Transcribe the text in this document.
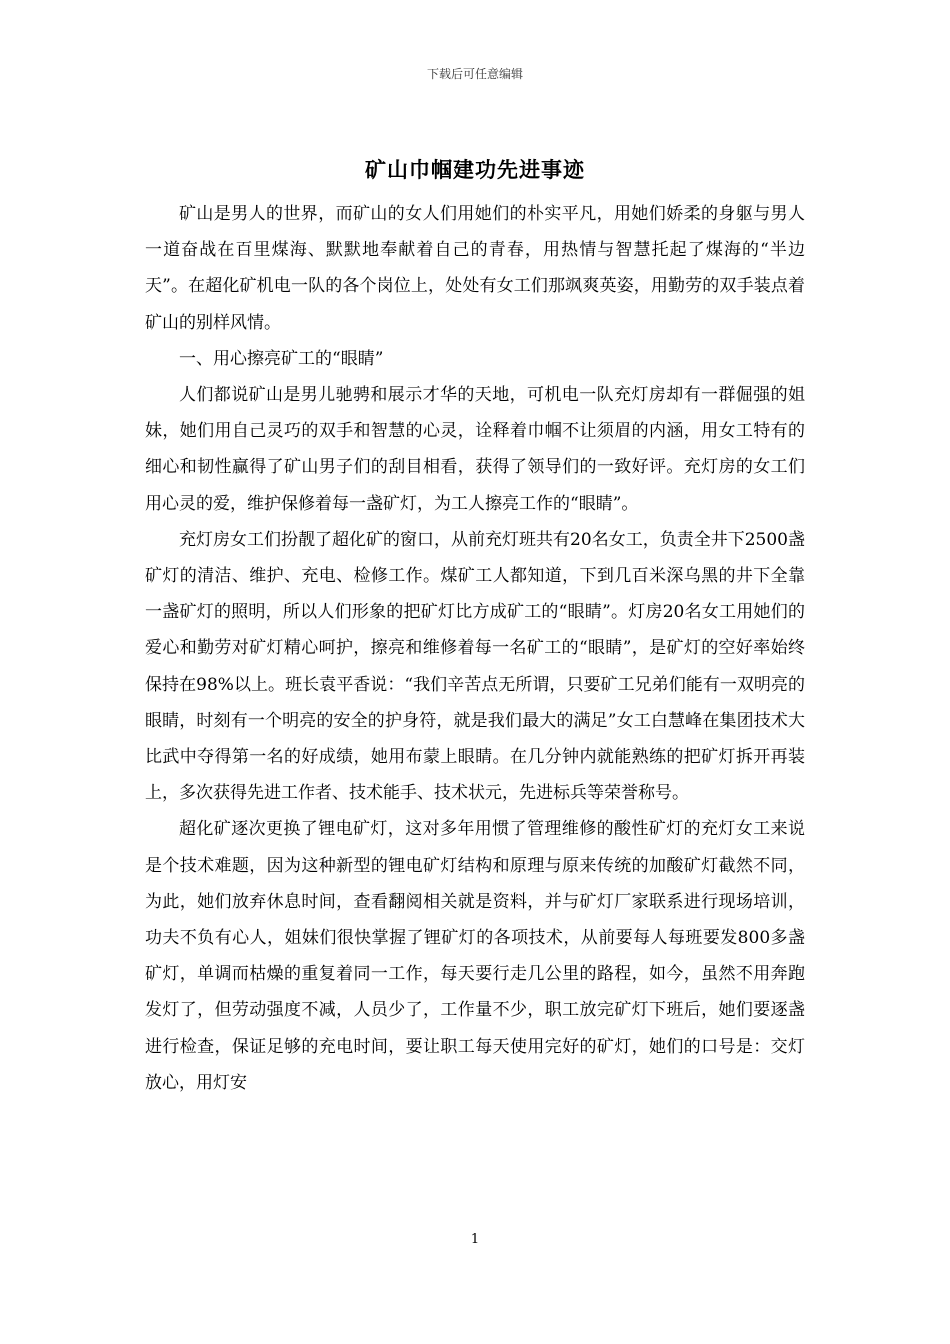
下载后可任意编辑
矿山巾帼建功先进事迹

矿山是男人的世界，而矿山的女人们用她们的朴实平凡，用她们娇柔的身躯与男人一道奋战在百里煤海、默默地奉献着自己的青春，用热情与智慧托起了煤海的“半边天”。在超化矿机电一队的各个岗位上，处处有女工们那飒爽英姿，用勤劳的双手装点着矿山的别样风情。

一、用心擦亮矿工的“眼睛”

人们都说矿山是男儿驰骋和展示才华的天地，可机电一队充灯房却有一群倔强的姐妹，她们用自己灵巧的双手和智慧的心灵，诠释着巾帼不让须眉的内涵，用女工特有的细心和韧性赢得了矿山男子们的刮目相看，获得了领导们的一致好评。充灯房的女工们用心灵的爱，维护保修着每一盏矿灯，为工人擦亮工作的“眼睛”。

充灯房女工们扮靓了超化矿的窗口，从前充灯班共有20名女工，负责全井下2500盏矿灯的清洁、维护、充电、检修工作。煤矿工人都知道，下到几百米深乌黑的井下全靠一盏矿灯的照明，所以人们形象的把矿灯比方成矿工的“眼睛”。灯房20名女工用她们的爱心和勤劳对矿灯精心呵护，擦亮和维修着每一名矿工的“眼睛”，是矿灯的空好率始终保持在98%以上。班长袁平香说：“我们辛苦点无所谓，只要矿工兄弟们能有一双明亮的眼睛，时刻有一个明亮的安全的护身符，就是我们最大的满足”女工白慧峰在集团技术大比武中夺得第一名的好成绩，她用布蒙上眼睛。在几分钟内就能熟练的把矿灯拆开再装上，多次获得先进工作者、技术能手、技术状元，先进标兵等荣誉称号。

超化矿逐次更换了锂电矿灯，这对多年用惯了管理维修的酸性矿灯的充灯女工来说是个技术难题，因为这种新型的锂电矿灯结构和原理与原来传统的加酸矿灯截然不同，为此，她们放弃休息时间，查看翻阅相关就是资料，并与矿灯厂家联系进行现场培训，功夫不负有心人，姐妹们很快掌握了锂矿灯的各项技术，从前要每人每班要发800多盏矿灯，单调而枯燥的重复着同一工作，每天要行走几公里的路程，如今，虽然不用奔跑发灯了，但劳动强度不减，人员少了，工作量不少，职工放完矿灯下班后，她们要逐盏进行检查，保证足够的充电时间，要让职工每天使用完好的矿灯，她们的口号是：交灯放心，用灯安

1
